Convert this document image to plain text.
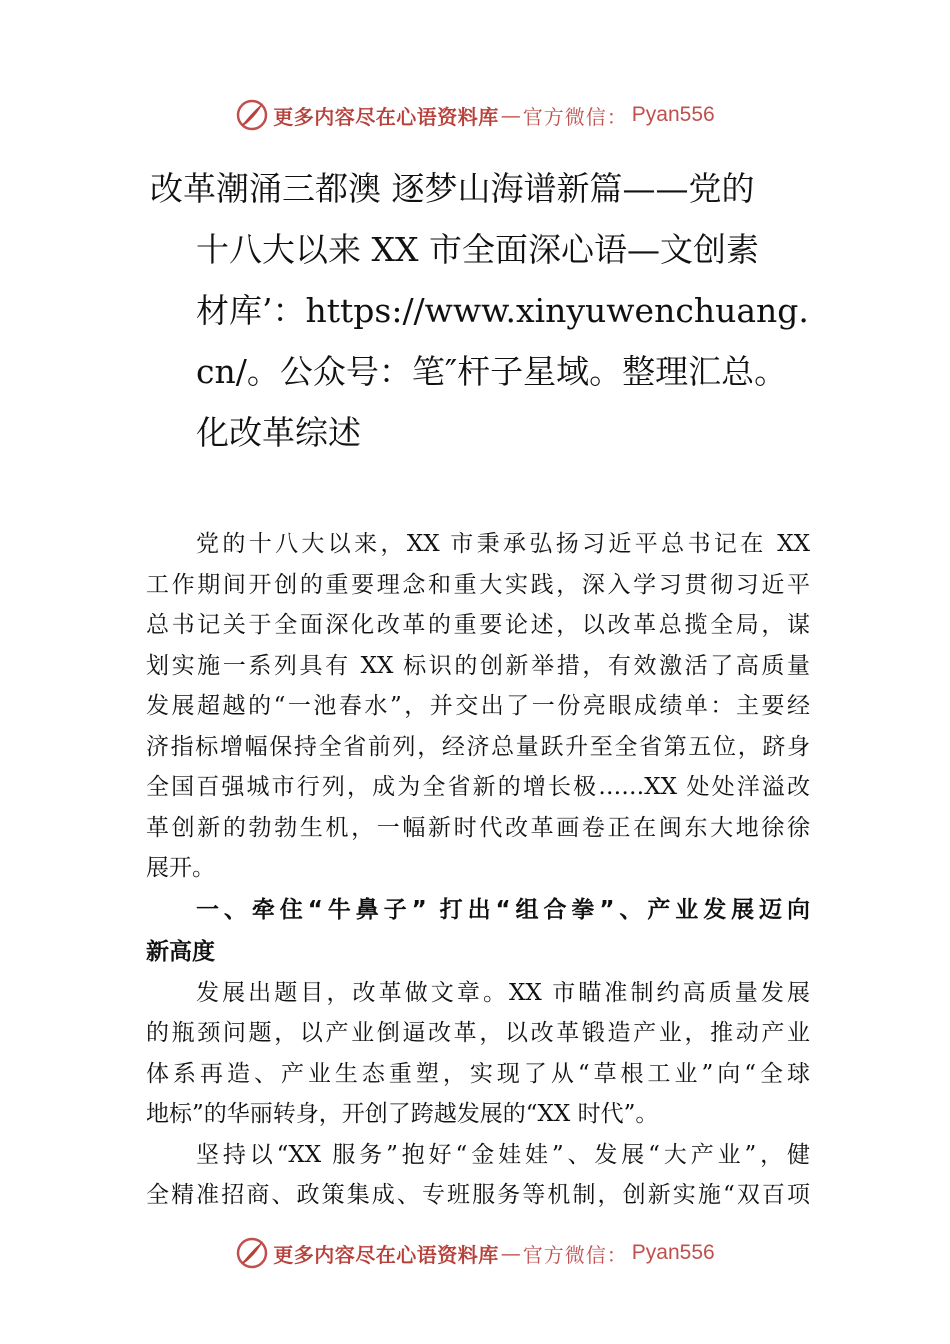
更多内容尽在心语资料库 — 官方微信： Pyan556
改革潮涌三都澳 逐梦山海谱新篇——党的
十八大以来 XX 市全面深心语—文创素
材库’：https://www.xinyuwenchuang.
cn/。公众号：笔″杆子星域。整理汇总。
化改革综述
党的十八大以来，XX 市秉承弘扬习近平总书记在 XX
工作期间开创的重要理念和重大实践，深入学习贯彻习近平
总书记关于全面深化改革的重要论述，以改革总揽全局，谋
划实施一系列具有 XX 标识的创新举措，有效激活了高质量
发展超越的“一池春水”，并交出了一份亮眼成绩单：主要经
济指标增幅保持全省前列，经济总量跃升至全省第五位，跻身
全国百强城市行列，成为全省新的增长极……XX 处处洋溢改
革创新的勃勃生机，一幅新时代改革画卷正在闽东大地徐徐
展开。
一、牵住“牛鼻子” 打出“组合拳”、产业发展迈向
新高度
发展出题目，改革做文章。XX 市瞄准制约高质量发展
的瓶颈问题，以产业倒逼改革，以改革锻造产业，推动产业
体系再造、产业生态重塑，实现了从“草根工业”向“全球
地标”的华丽转身，开创了跨越发展的“XX 时代”。
坚持以“XX 服务”抱好“金娃娃”、发展“大产业”，健
全精准招商、政策集成、专班服务等机制，创新实施“双百项
更多内容尽在心语资料库 — 官方微信： Pyan556
